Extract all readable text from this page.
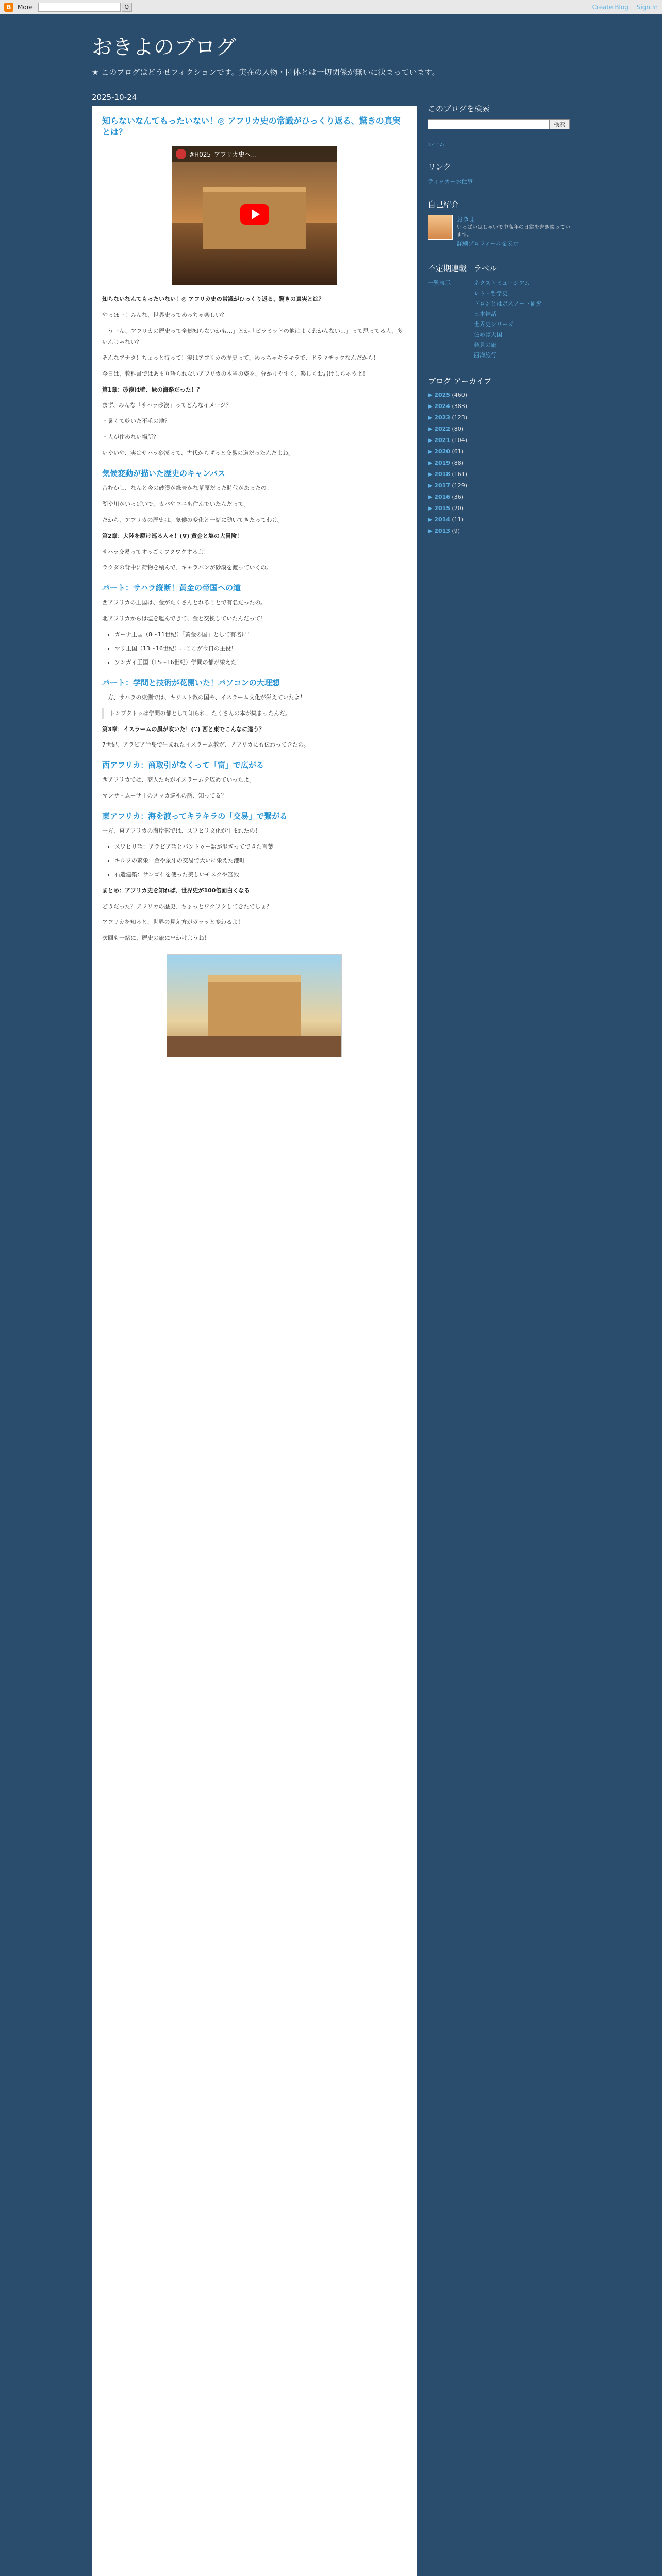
B	More	Q	Create Blog Sign In
おきよのブログ
★ このブログはどうせフィクションです。実在の人物・団体とは一切関係が無いに決まっています。
2025-10-24
知らないなんてもったいない！◎ アフリカ史の常識がひっくり返る、驚きの真実とは？
#H025_アフリカ史へ…

知らないなんてもったいない！◎ アフリカ史の常識がひっくり返る、驚きの真実とは？

やっほー！みんな、世界史ってめっちゃ楽しい？

「うーん、アフリカの歴史って全然知らないかも…」とか「ピラミッドの他はよくわかんない…」って思ってる人、多いんじゃない？

そんなアナタ！ちょっと待って！実はアフリカの歴史って、めっちゃキラキラで、ドラマチックなんだから！

今日は、教科書ではあまり語られないアフリカの本当の姿を、分かりやすく、楽しくお届けしちゃうよ！

第1章：砂漠は壁、緑の海路だった！？

まず、みんな「サハラ砂漠」ってどんなイメージ？

・暑くて乾いた不毛の地？

・人が住めない場所？

いやいや、実はサハラ砂漠って、古代からずっと交易の道だったんだよね。

気候変動が描いた歴史のキャンバス

昔むかし、なんと今の砂漠が緑豊かな草原だった時代があったの！

湖や川がいっぱいで、カバやワニも住んでいたんだって。

だから、アフリカの歴史は、気候の変化と一緒に動いてきたってわけ。

第2章：大陸を駆け巡る人々！(∀) 黄金と塩の大冒険！

サハラ交易ってすっごくワクワクするよ！

ラクダの背中に荷物を積んで、キャラバンが砂漠を渡っていくの。

パート：サハラ縦断！黄金の帝国への道

西アフリカの王国は、金がたくさんとれることで有名だったの。

北アフリカからは塩を運んできて、金と交換していたんだって！

• ガーナ王国（8〜11世紀）「黄金の国」として有名に！
• マリ王国（13〜16世紀）…ここが今日の主役！
• ソンガイ王国（15〜16世紀）学問の都が栄えた！
パート：学問と技術が花開いた！パソコンの大理想

一方、サハラの東側では、キリスト教の国や、イスラーム文化が栄えていたよ！

トンブクトゥは学問の都として知られ、たくさんの本が集まったんだ。

第3章：イスラームの風が吹いた！(∵) 西と東でこんなに違う？

7世紀、アラビア半島で生まれたイスラーム教が、アフリカにも伝わってきたの。

西アフリカ：商取引がなくって「富」で広がる

西アフリカでは、商人たちがイスラームを広めていったよ。

マンサ・ムーサ王のメッカ巡礼の話、知ってる？

東アフリカ：海を渡ってキラキラの「交易」で繋がる

一方、東アフリカの海岸部では、スワヒリ文化が生まれたの！

• スワヒリ語：アラビア語とバントゥー語が混ざってできた言葉
• キルワの繁栄：金や象牙の交易で大いに栄えた港町
• 石造建築：サンゴ石を使った美しいモスクや宮殿

まとめ：アフリカ史を知れば、世界史が100倍面白くなる

どうだった？アフリカの歴史、ちょっとワクワクしてきたでしょ？

アフリカを知ると、世界の見え方がガラッと変わるよ！

次回も一緒に、歴史の旅に出かけようね！

このブログを検索
検索
ホーム
リンク
ティッカーお仕事
自己紹介
おきよ
いっぱいはしゃいで中高年の日常を書き綴っています。
詳細プロフィールを表示
不定期連載
一覧表示
ラベル
ネクストミュージアム
レト・哲学史
ドロンとはボスノート研究
日本神話
世界史シリーズ
住めば天国
発見の旅
西洋旅行
ブログ アーカイブ
▶ 2025 (460)
▶ 2024 (383)
▶ 2023 (123)
▶ 2022 (80)
▶ 2021 (104)
▶ 2020 (61)
▶ 2019 (88)
▶ 2018 (161)
▶ 2017 (129)
▶ 2016 (36)
▶ 2015 (20)
▶ 2014 (11)
▶ 2013 (9)
